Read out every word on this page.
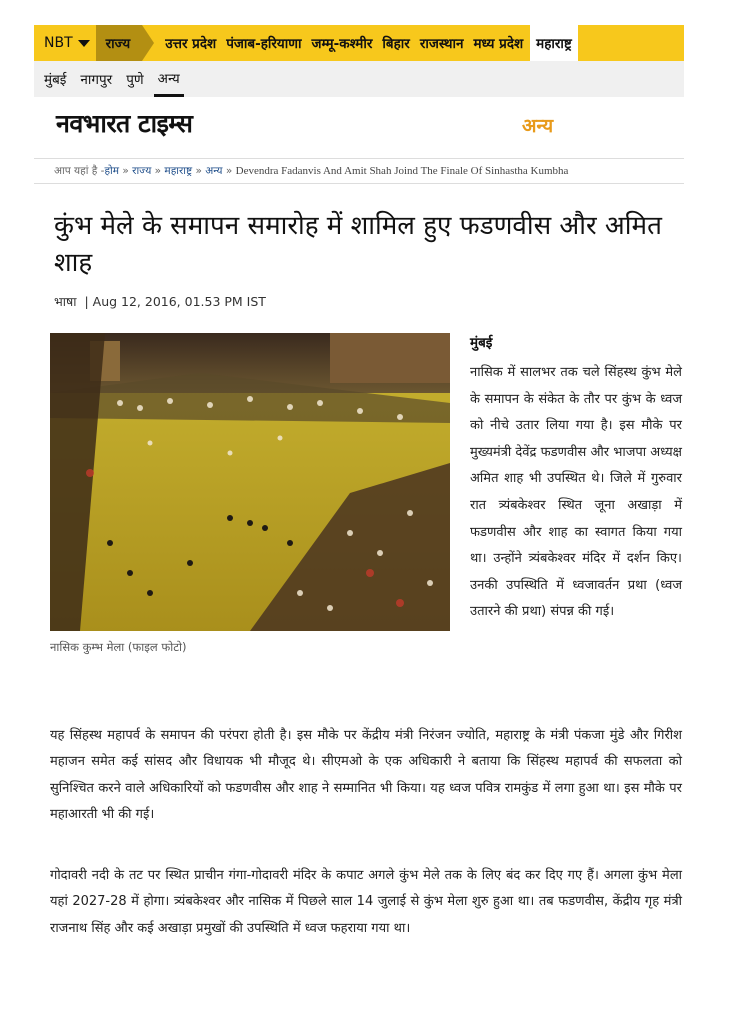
NBT राज्य	उत्तर प्रदेश पंजाब-हरियाणा जम्मू-कश्मीर बिहार राजस्थान मध्य प्रदेश महाराष्ट्र
मुंबई नागपुर पुणे अन्य
नवभारत टाइम्स	अन्य
आप यहां है -होम » राज्य » महाराष्ट्र » अन्य » Devendra Fadanvis And Amit Shah Joind The Finale Of Sinhastha Kumbha
कुंभ मेले के समापन समारोह में शामिल हुए फडणवीस और अमित शाह
भाषा | Aug 12, 2016, 01.53 PM IST
नासिक कुम्भ मेला (फाइल फोटो)
मुंबई

नासिक में सालभर तक चले सिंहस्थ कुंभ मेले के समापन के संकेत के तौर पर कुंभ के ध्वज को नीचे उतार लिया गया है। इस मौके पर मुख्यमंत्री देवेंद्र फडणवीस और भाजपा अध्यक्ष अमित शाह भी उपस्थित थे। जिले में गुरुवार रात त्र्यंबकेश्वर स्थित जूना अखाड़ा में फडणवीस और शाह का स्वागत किया गया था। उन्होंने त्र्यंबकेश्वर मंदिर में दर्शन किए। उनकी उपस्थिति में ध्वजावर्तन प्रथा (ध्वज उतारने की प्रथा) संपन्न की गई।

यह सिंहस्थ महापर्व के समापन की परंपरा होती है। इस मौके पर केंद्रीय मंत्री निरंजन ज्योति, महाराष्ट्र के मंत्री पंकजा मुंडे और गिरीश महाजन समेत कई सांसद और विधायक भी मौजूद थे। सीएमओ के एक अधिकारी ने बताया कि सिंहस्थ महापर्व की सफलता को सुनिश्चित करने वाले अधिकारियों को फडणवीस और शाह ने सम्मानित भी किया। यह ध्वज पवित्र रामकुंड में लगा हुआ था। इस मौके पर महाआरती भी की गई।

गोदावरी नदी के तट पर स्थित प्राचीन गंगा-गोदावरी मंदिर के कपाट अगले कुंभ मेले तक के लिए बंद कर दिए गए हैं। अगला कुंभ मेला यहां 2027-28 में होगा। त्र्यंबकेश्वर और नासिक में पिछले साल 14 जुलाई से कुंभ मेला शुरु हुआ था। तब फडणवीस, केंद्रीय गृह मंत्री राजनाथ सिंह और कई अखाड़ा प्रमुखों की उपस्थिति में ध्वज फहराया गया था।
